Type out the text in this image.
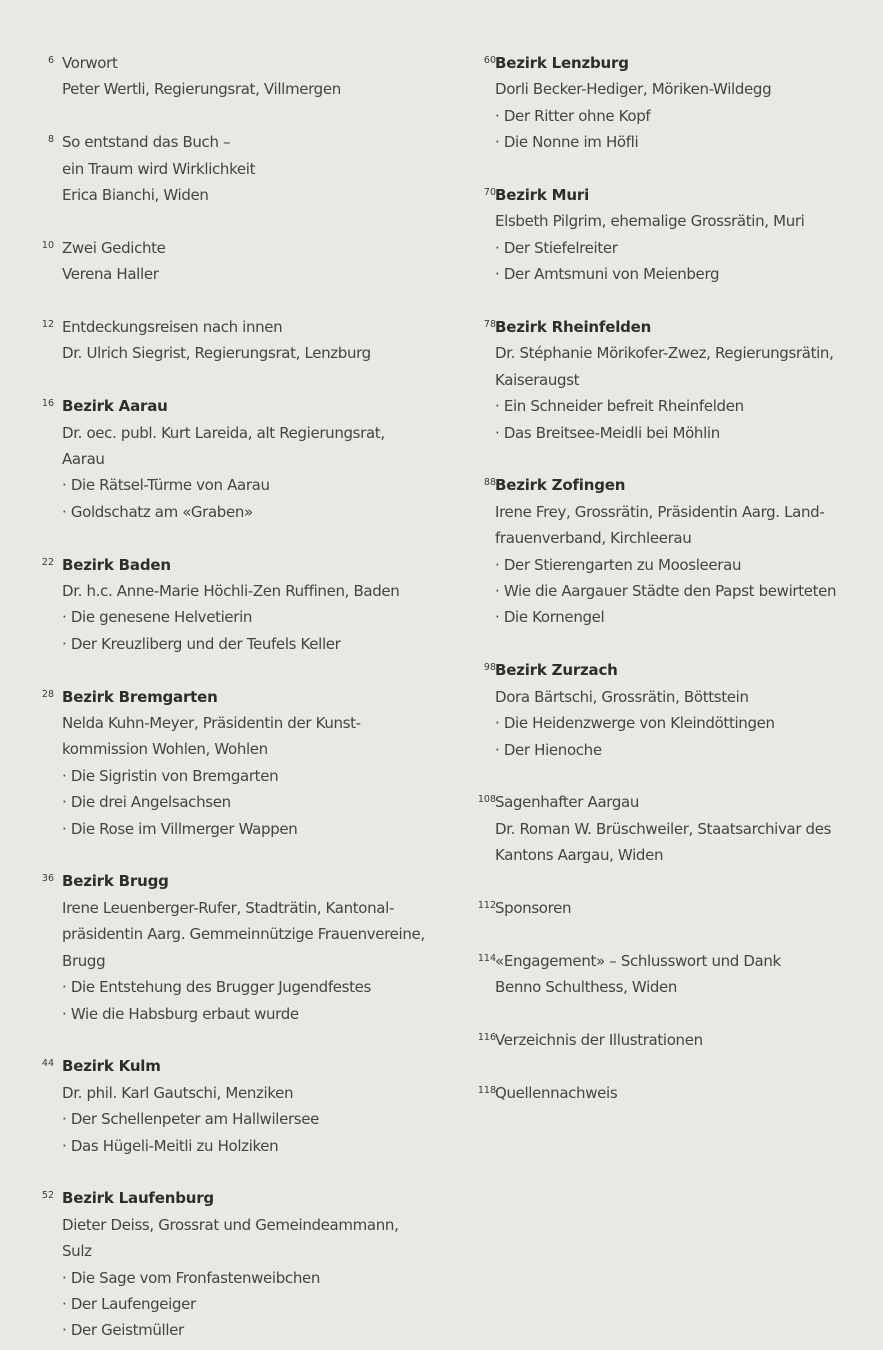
6 Vorwort
Peter Wertli, Regierungsrat, Villmergen
8 So entstand das Buch –
ein Traum wird Wirklichkeit
Erica Bianchi, Widen
10 Zwei Gedichte
Verena Haller
12 Entdeckungsreisen nach innen
Dr. Ulrich Siegrist, Regierungsrat, Lenzburg
16 Bezirk Aarau
Dr. oec. publ. Kurt Lareida, alt Regierungsrat,
Aarau
· Die Rätsel-Türme von Aarau
· Goldschatz am «Graben»
22 Bezirk Baden
Dr. h.c. Anne-Marie Höchli-Zen Ruffinen, Baden
· Die genesene Helvetierin
· Der Kreuzliberg und der Teufels Keller
28 Bezirk Bremgarten
Nelda Kuhn-Meyer, Präsidentin der Kunst-
kommission Wohlen, Wohlen
· Die Sigristin von Bremgarten
· Die drei Angelsachsen
· Die Rose im Villmerger Wappen
36 Bezirk Brugg
Irene Leuenberger-Rufer, Stadträtin, Kantonal-
präsidentin Aarg. Gemmeinnützige Frauenvereine,
Brugg
· Die Entstehung des Brugger Jugendfestes
· Wie die Habsburg erbaut wurde
44 Bezirk Kulm
Dr. phil. Karl Gautschi, Menziken
· Der Schellenpeter am Hallwilersee
· Das Hügeli-Meitli zu Holziken
52 Bezirk Laufenburg
Dieter Deiss, Grossrat und Gemeindeammann,
Sulz
· Die Sage vom Fronfastenweibchen
· Der Laufengeiger
· Der Geistmüller
60 Bezirk Lenzburg
Dorli Becker-Hediger, Möriken-Wildegg
· Der Ritter ohne Kopf
· Die Nonne im Höfli
70 Bezirk Muri
Elsbeth Pilgrim, ehemalige Grossrätin, Muri
· Der Stiefelreiter
· Der Amtsmuni von Meienberg
78 Bezirk Rheinfelden
Dr. Stéphanie Mörikofer-Zwez, Regierungsrätin,
Kaiseraugst
· Ein Schneider befreit Rheinfelden
· Das Breitsee-Meidli bei Möhlin
88 Bezirk Zofingen
Irene Frey, Grossrätin, Präsidentin Aarg. Land-
frauenverband, Kirchleerau
· Der Stierengarten zu Moosleerau
· Wie die Aargauer Städte den Papst bewirteten
· Die Kornengel
98 Bezirk Zurzach
Dora Bärtschi, Grossrätin, Böttstein
· Die Heidenzwerge von Kleindöttingen
· Der Hienoche
108 Sagenhafter Aargau
Dr. Roman W. Brüschweiler, Staatsarchivar des
Kantons Aargau, Widen
112 Sponsoren
114 «Engagement» – Schlusswort und Dank
Benno Schulthess, Widen
116 Verzeichnis der Illustrationen
118 Quellennachweis
